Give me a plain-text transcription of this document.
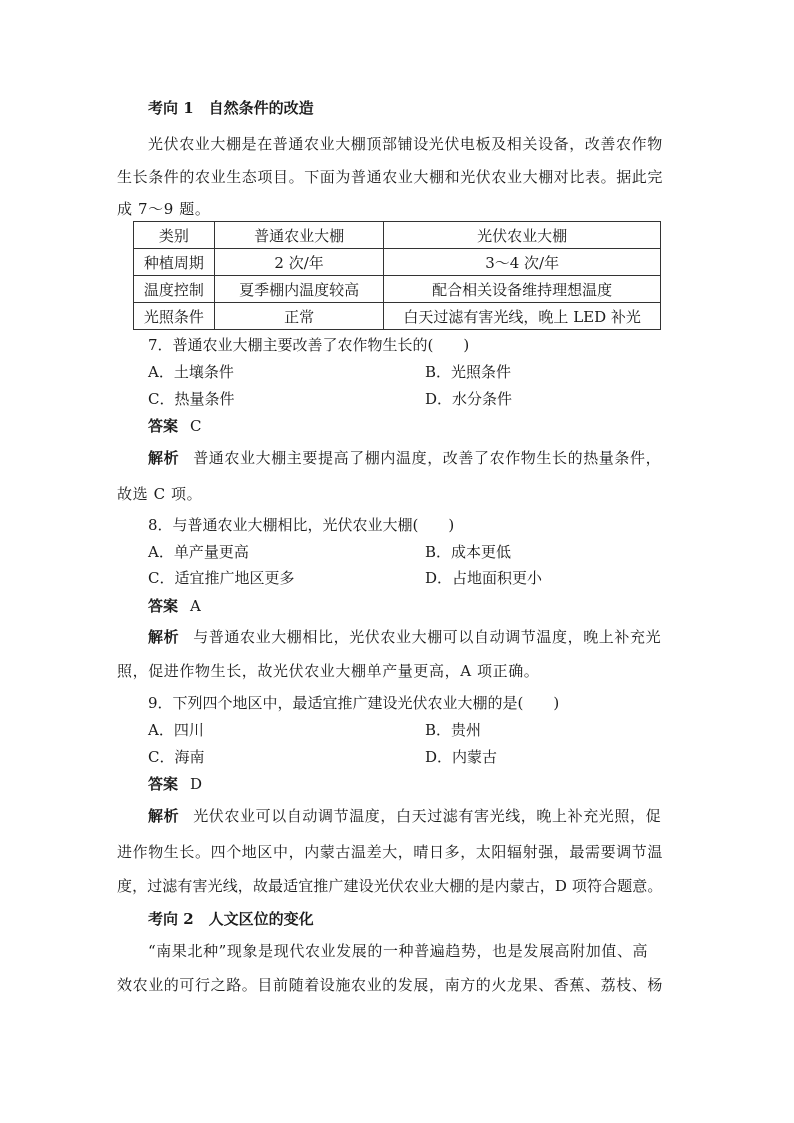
考向 1　自然条件的改造
光伏农业大棚是在普通农业大棚顶部铺设光伏电板及相关设备，改善农作物
生长条件的农业生态项目。下面为普通农业大棚和光伏农业大棚对比表。据此完
成 7～9 题。
类别	普通农业大棚	光伏农业大棚
种植周期	2 次/年	3～4 次/年
温度控制	夏季棚内温度较高	配合相关设备维持理想温度
光照条件	正常	白天过滤有害光线，晚上 LED 补光
7．普通农业大棚主要改善了农作物生长的(　　)
A．土壤条件	B．光照条件
C．热量条件	D．水分条件
答案 C
解析 普通农业大棚主要提高了棚内温度，改善了农作物生长的热量条件，
故选 C 项。
8．与普通农业大棚相比，光伏农业大棚(　　)
A．单产量更高	B．成本更低
C．适宜推广地区更多	D．占地面积更小
答案 A
解析 与普通农业大棚相比，光伏农业大棚可以自动调节温度，晚上补充光
照，促进作物生长，故光伏农业大棚单产量更高，A 项正确。
9．下列四个地区中，最适宜推广建设光伏农业大棚的是(　　)
A．四川	B．贵州
C．海南	D．内蒙古
答案 D
解析 光伏农业可以自动调节温度，白天过滤有害光线，晚上补充光照，促
进作物生长。四个地区中，内蒙古温差大，晴日多，太阳辐射强，最需要调节温
度，过滤有害光线，故最适宜推广建设光伏农业大棚的是内蒙古，D 项符合题意。
考向 2　人文区位的变化
“南果北种”现象是现代农业发展的一种普遍趋势，也是发展高附加值、高
效农业的可行之路。目前随着设施农业的发展，南方的火龙果、香蕉、荔枝、杨
